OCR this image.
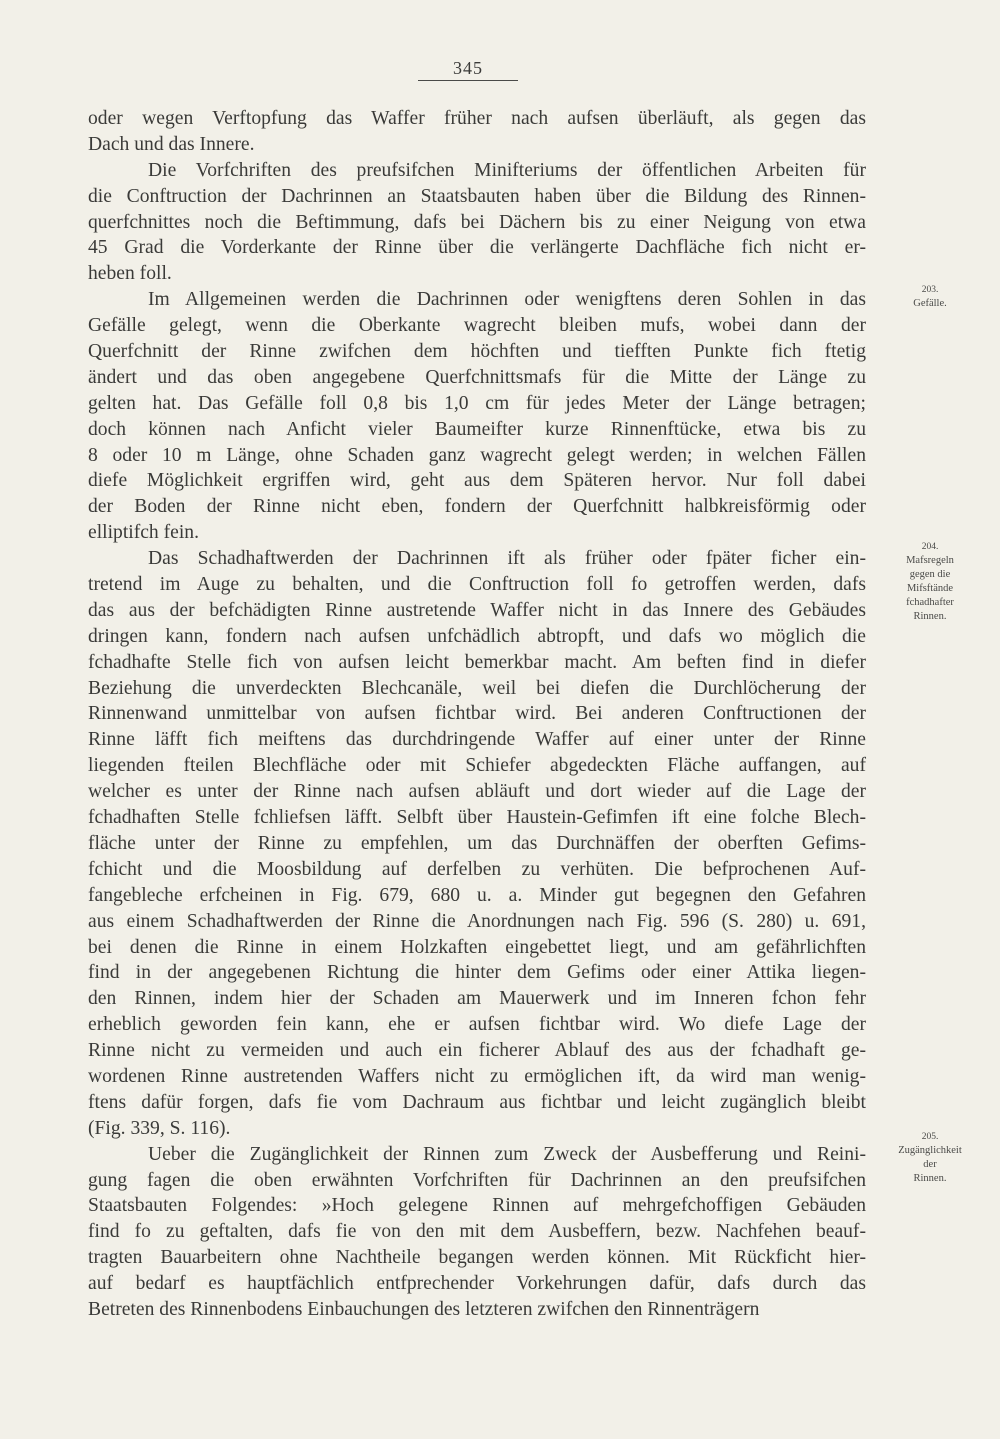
345
oder wegen Verftopfung das Waffer früher nach aufsen überläuft, als gegen das
Dach und das Innere.
Die Vorfchriften des preufsifchen Minifteriums der öffentlichen Arbeiten für
die Conftruction der Dachrinnen an Staatsbauten haben über die Bildung des Rinnen-
querfchnittes noch die Beftimmung, dafs bei Dächern bis zu einer Neigung von etwa
45 Grad die Vorderkante der Rinne über die verlängerte Dachfläche fich nicht er-
heben foll.
Im Allgemeinen werden die Dachrinnen oder wenigftens deren Sohlen in das
Gefälle gelegt, wenn die Oberkante wagrecht bleiben mufs, wobei dann der
Querfchnitt der Rinne zwifchen dem höchften und tiefften Punkte fich ftetig
ändert und das oben angegebene Querfchnittsmafs für die Mitte der Länge zu
gelten hat. Das Gefälle foll 0,8 bis 1,0 cm für jedes Meter der Länge betragen;
doch können nach Anficht vieler Baumeifter kurze Rinnenftücke, etwa bis zu
8 oder 10 m Länge, ohne Schaden ganz wagrecht gelegt werden; in welchen Fällen
diefe Möglichkeit ergriffen wird, geht aus dem Späteren hervor. Nur foll dabei
der Boden der Rinne nicht eben, fondern der Querfchnitt halbkreisförmig oder
elliptifch fein.
Das Schadhaftwerden der Dachrinnen ift als früher oder fpäter ficher ein-
tretend im Auge zu behalten, und die Conftruction foll fo getroffen werden, dafs
das aus der befchädigten Rinne austretende Waffer nicht in das Innere des Gebäudes
dringen kann, fondern nach aufsen unfchädlich abtropft, und dafs wo möglich die
fchadhafte Stelle fich von aufsen leicht bemerkbar macht. Am beften find in diefer
Beziehung die unverdeckten Blechcanäle, weil bei diefen die Durchlöcherung der
Rinnenwand unmittelbar von aufsen fichtbar wird. Bei anderen Conftructionen der
Rinne läfft fich meiftens das durchdringende Waffer auf einer unter der Rinne
liegenden fteilen Blechfläche oder mit Schiefer abgedeckten Fläche auffangen, auf
welcher es unter der Rinne nach aufsen abläuft und dort wieder auf die Lage der
fchadhaften Stelle fchliefsen läfft. Selbft über Haustein-Gefimfen ift eine folche Blech-
fläche unter der Rinne zu empfehlen, um das Durchnäffen der oberften Gefims-
fchicht und die Moosbildung auf derfelben zu verhüten. Die befprochenen Auf-
fangebleche erfcheinen in Fig. 679, 680 u. a. Minder gut begegnen den Gefahren
aus einem Schadhaftwerden der Rinne die Anordnungen nach Fig. 596 (S. 280) u. 691,
bei denen die Rinne in einem Holzkaften eingebettet liegt, und am gefährlichften
find in der angegebenen Richtung die hinter dem Gefims oder einer Attika liegen-
den Rinnen, indem hier der Schaden am Mauerwerk und im Inneren fchon fehr
erheblich geworden fein kann, ehe er aufsen fichtbar wird. Wo diefe Lage der
Rinne nicht zu vermeiden und auch ein ficherer Ablauf des aus der fchadhaft ge-
wordenen Rinne austretenden Waffers nicht zu ermöglichen ift, da wird man wenig-
ftens dafür forgen, dafs fie vom Dachraum aus fichtbar und leicht zugänglich bleibt
(Fig. 339, S. 116).
Ueber die Zugänglichkeit der Rinnen zum Zweck der Ausbefferung und Reini-
gung fagen die oben erwähnten Vorfchriften für Dachrinnen an den preufsifchen
Staatsbauten Folgendes: »Hoch gelegene Rinnen auf mehrgefchoffigen Gebäuden
find fo zu geftalten, dafs fie von den mit dem Ausbeffern, bezw. Nachfehen beauf-
tragten Bauarbeitern ohne Nachtheile begangen werden können. Mit Rückficht hier-
auf bedarf es hauptfächlich entfprechender Vorkehrungen dafür, dafs durch das
Betreten des Rinnenbodens Einbauchungen des letzteren zwifchen den Rinnenträgern
203.
Gefälle.
204.
Mafsregeln
gegen die
Mifsftände
fchadhafter
Rinnen.
205.
Zugänglichkeit
der
Rinnen.
